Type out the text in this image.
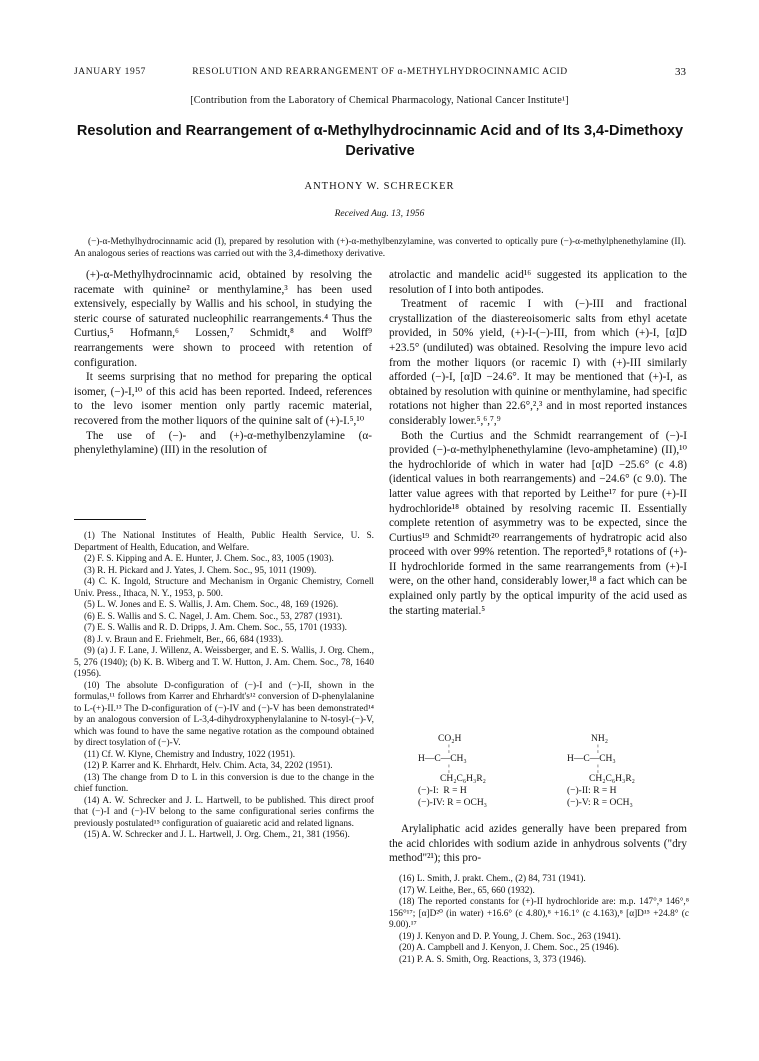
JANUARY 1957	RESOLUTION AND REARRANGEMENT OF α-METHYLHYDROCINNAMIC ACID	33
[Contribution from the Laboratory of Chemical Pharmacology, National Cancer Institute¹]
Resolution and Rearrangement of α-Methylhydrocinnamic Acid and of Its 3,4-Dimethoxy Derivative
ANTHONY W. SCHRECKER
Received Aug. 13, 1956
(−)-α-Methylhydrocinnamic acid (I), prepared by resolution with (+)-α-methylbenzylamine, was converted to optically pure (−)-α-methylphenethylamine (II). An analogous series of reactions was carried out with the 3,4-dimethoxy derivative.

(+)-α-Methylhydrocinnamic acid, obtained by resolving the racemate with quinine² or menthylamine,³ has been used extensively, especially by Wallis and his school, in studying the steric course of saturated nucleophilic rearrangements.⁴ Thus the Curtius,⁵ Hofmann,⁶ Lossen,⁷ Schmidt,⁸ and Wolff⁹ rearrangements were shown to proceed with retention of configuration.

It seems surprising that no method for preparing the optical isomer, (−)-I,¹⁰ of this acid has been reported. Indeed, references to the levo isomer mention only partly racemic material, recovered from the mother liquors of the quinine salt of (+)-I.⁵,¹⁰

The use of (−)- and (+)-α-methylbenzylamine (α-phenylethylamine) (III) in the resolution of

(1) The National Institutes of Health, Public Health Service, U. S. Department of Health, Education, and Welfare.
(2) F. S. Kipping and A. E. Hunter, J. Chem. Soc., 83, 1005 (1903).
(3) R. H. Pickard and J. Yates, J. Chem. Soc., 95, 1011 (1909).
(4) C. K. Ingold, Structure and Mechanism in Organic Chemistry, Cornell Univ. Press., Ithaca, N. Y., 1953, p. 500.
(5) L. W. Jones and E. S. Wallis, J. Am. Chem. Soc., 48, 169 (1926).
(6) E. S. Wallis and S. C. Nagel, J. Am. Chem. Soc., 53, 2787 (1931).
(7) E. S. Wallis and R. D. Dripps, J. Am. Chem. Soc., 55, 1701 (1933).
(8) J. v. Braun and E. Friehmelt, Ber., 66, 684 (1933).
(9) (a) J. F. Lane, J. Willenz, A. Weissberger, and E. S. Wallis, J. Org. Chem., 5, 276 (1940); (b) K. B. Wiberg and T. W. Hutton, J. Am. Chem. Soc., 78, 1640 (1956).
(10) The absolute D-configuration of (−)-I and (−)-II, shown in the formulas,¹¹ follows from Karrer and Ehrhardt's¹² conversion of D-phenylalanine to L-(+)-II.¹³ The D-configuration of (−)-IV and (−)-V has been demonstrated¹⁴ by an analogous conversion of L-3,4-dihydroxyphenylalanine to N-tosyl-(−)-V, which was found to have the same negative rotation as the compound obtained by direct tosylation of (−)-V.
(11) Cf. W. Klyne, Chemistry and Industry, 1022 (1951).
(12) P. Karrer and K. Ehrhardt, Helv. Chim. Acta, 34, 2202 (1951).
(13) The change from D to L in this conversion is due to the change in the chief function.
(14) A. W. Schrecker and J. L. Hartwell, to be published. This direct proof that (−)-I and (−)-IV belong to the same configurational series confirms the previously postulated¹⁵ configuration of guaiaretic acid and related lignans.
(15) A. W. Schrecker and J. L. Hartwell, J. Org. Chem., 21, 381 (1956).

atrolactic and mandelic acid¹⁶ suggested its application to the resolution of I into both antipodes.

Treatment of racemic I with (−)-III and fractional crystallization of the diastereoisomeric salts from ethyl acetate provided, in 50% yield, (+)-I-(−)-III, from which (+)-I, [α]D +23.5° (undiluted) was obtained. Resolving the impure levo acid from the mother liquors (or racemic I) with (+)-III similarly afforded (−)-I, [α]D −24.6°. It may be mentioned that (+)-I, as obtained by resolution with quinine or menthylamine, had specific rotations not higher than 22.6°,²,³ and in most reported instances considerably lower.⁵,⁶,⁷,⁹

Both the Curtius and the Schmidt rearrangement of (−)-I provided (−)-α-methylphenethylamine (levo-amphetamine) (II),¹⁰ the hydrochloride of which in water had [α]D −25.6° (c 4.8) (identical values in both rearrangements) and −24.6° (c 9.0). The latter value agrees with that reported by Leithe¹⁷ for pure (+)-II hydrochloride¹⁸ obtained by resolving racemic II. Essentially complete retention of asymmetry was to be expected, since the Curtius¹⁹ and Schmidt²⁰ rearrangements of hydratropic acid also proceed with over 99% retention. The reported⁵,⁸ rotations of (+)-II hydrochloride formed in the same rearrangements from (+)-I were, on the other hand, considerably lower,¹⁸ a fact which can be explained only partly by the optical impurity of the acid used as the starting material.⁵

CO₂H
¦
H—C—CH₃
¦
CH₂C₆H₃R₂
(−)-I:  R = H
(−)-IV: R = OCH₃
NH₂
¦
H—C—CH₃
¦
CH₂C₆H₃R₂
(−)-II: R = H
(−)-V: R = OCH₃
Arylaliphatic acid azides generally have been prepared from the acid chlorides with sodium azide in anhydrous solvents ("dry method"²¹); this pro-
(16) L. Smith, J. prakt. Chem., (2) 84, 731 (1941).
(17) W. Leithe, Ber., 65, 660 (1932).
(18) The reported constants for (+)-II hydrochloride are: m.p. 147°,⁸ 146°,⁸ 156°¹⁷; [α]D²⁰ (in water) +16.6° (c 4.80),⁸ +16.1° (c 4.163),⁸ [α]D¹⁵ +24.8° (c 9.00).¹⁷
(19) J. Kenyon and D. P. Young, J. Chem. Soc., 263 (1941).
(20) A. Campbell and J. Kenyon, J. Chem. Soc., 25 (1946).
(21) P. A. S. Smith, Org. Reactions, 3, 373 (1946).
